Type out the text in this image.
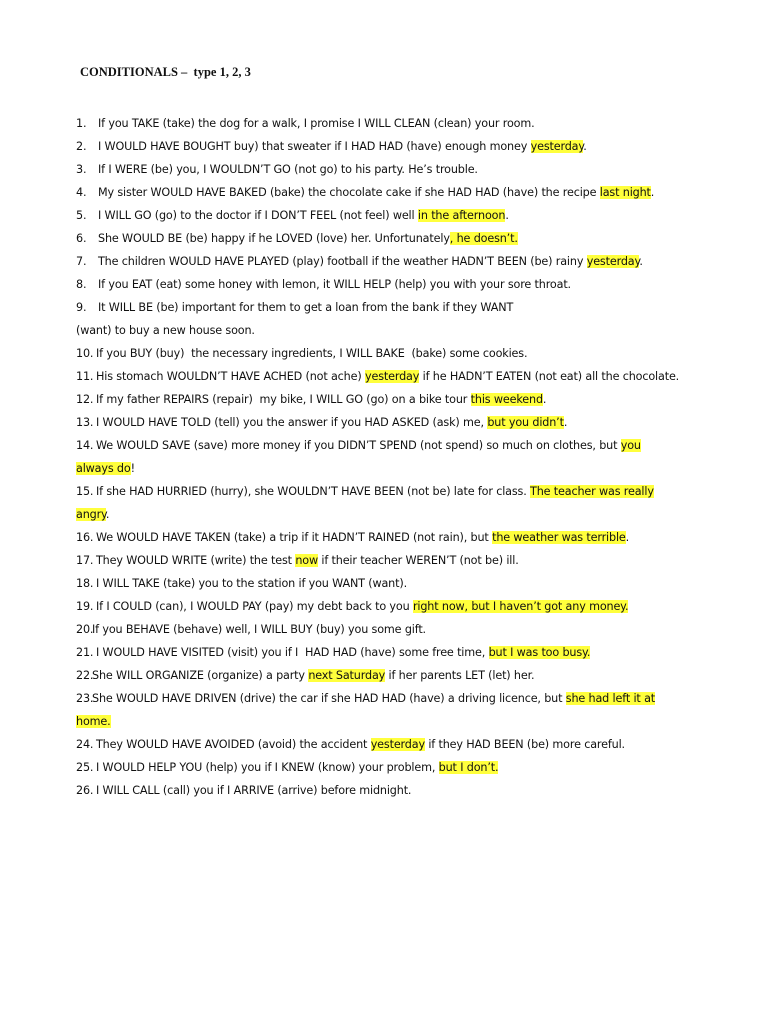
CONDITIONALS –  type 1, 2, 3
1. If you TAKE (take) the dog for a walk, I promise I WILL CLEAN (clean) your room.
2. I WOULD HAVE BOUGHT buy) that sweater if I HAD HAD (have) enough money yesterday.
3. If I WERE (be) you, I WOULDN’T GO (not go) to his party. He’s trouble.
4. My sister WOULD HAVE BAKED (bake) the chocolate cake if she HAD HAD (have) the recipe last night.
5. I WILL GO (go) to the doctor if I DON’T FEEL (not feel) well in the afternoon.
6. She WOULD BE (be) happy if he LOVED (love) her. Unfortunately, he doesn’t.
7. The children WOULD HAVE PLAYED (play) football if the weather HADN’T BEEN (be) rainy yesterday.
8. If you EAT (eat) some honey with lemon, it WILL HELP (help) you with your sore throat.
9. It WILL BE (be) important for them to get a loan from the bank if they WANT (want) to buy a new house soon.
10. If you BUY (buy)  the necessary ingredients, I WILL BAKE  (bake) some cookies.
11. His stomach WOULDN’T HAVE ACHED (not ache) yesterday if he HADN’T EATEN (not eat) all the chocolate.
12. If my father REPAIRS (repair)  my bike, I WILL GO (go) on a bike tour this weekend.
13. I WOULD HAVE TOLD (tell) you the answer if you HAD ASKED (ask) me, but you didn’t.
14. We WOULD SAVE (save) more money if you DIDN’T SPEND (not spend) so much on clothes, but you always do!
15. If she HAD HURRIED (hurry), she WOULDN’T HAVE BEEN (not be) late for class. The teacher was really angry.
16. We WOULD HAVE TAKEN (take) a trip if it HADN’T RAINED (not rain), but the weather was terrible.
17. They WOULD WRITE (write) the test now if their teacher WEREN’T (not be) ill.
18. I WILL TAKE (take) you to the station if you WANT (want).
19. If I COULD (can), I WOULD PAY (pay) my debt back to you right now, but I haven’t got any money.
20.If you BEHAVE (behave) well, I WILL BUY (buy) you some gift.
21. I WOULD HAVE VISITED (visit) you if I  HAD HAD (have) some free time, but I was too busy.
22.She WILL ORGANIZE (organize) a party next Saturday if her parents LET (let) her.
23.She WOULD HAVE DRIVEN (drive) the car if she HAD HAD (have) a driving licence, but she had left it at home.
24. They WOULD HAVE AVOIDED (avoid) the accident yesterday if they HAD BEEN (be) more careful.
25. I WOULD HELP YOU (help) you if I KNEW (know) your problem, but I don’t.
26. I WILL CALL (call) you if I ARRIVE (arrive) before midnight.
